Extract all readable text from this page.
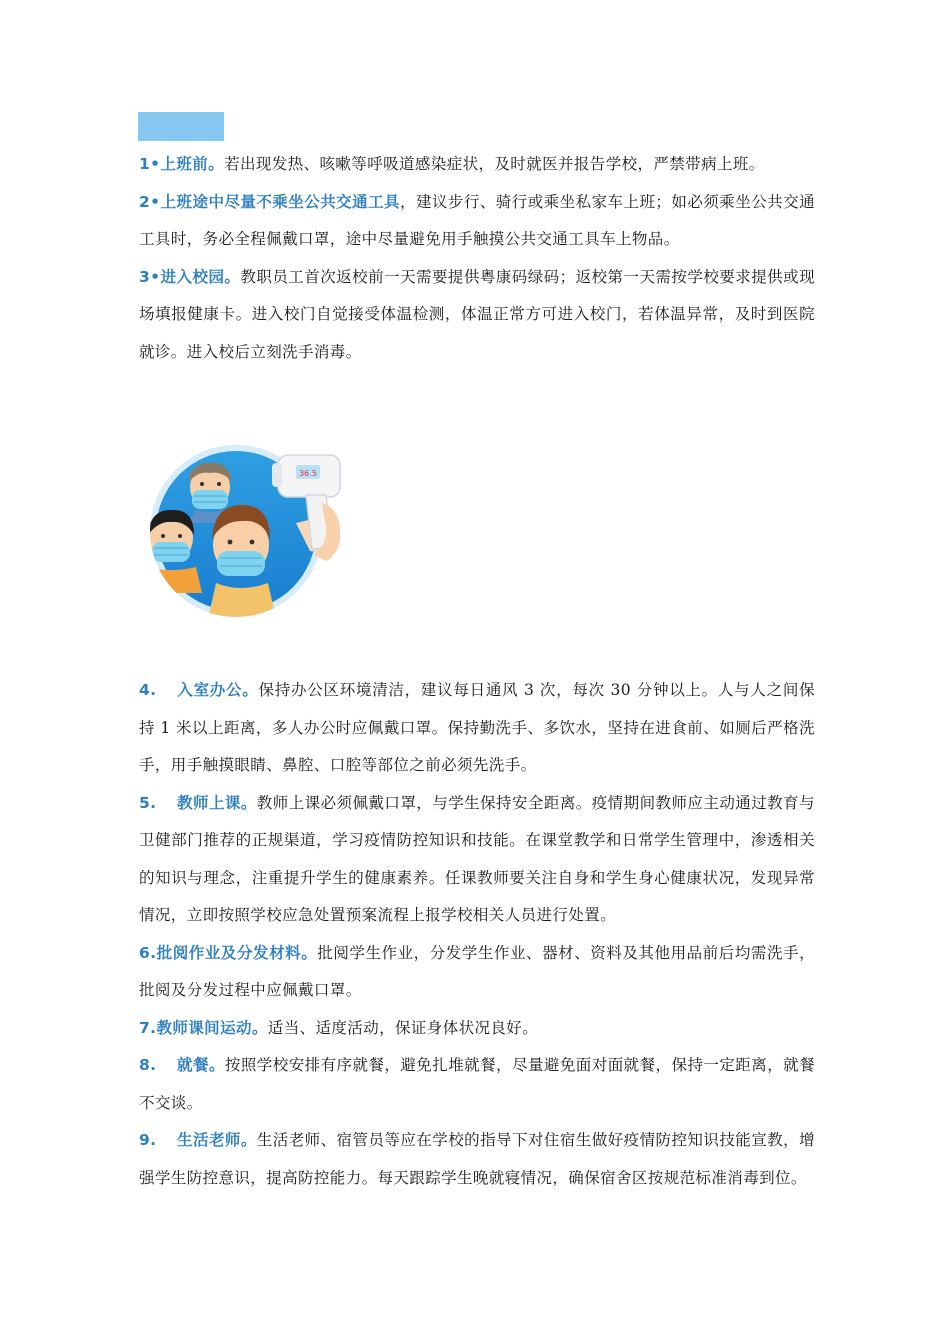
1•上班前。若出现发热、咳嗽等呼吸道感染症状，及时就医并报告学校，严禁带病上班。

2•上班途中尽量不乘坐公共交通工具，建议步行、骑行或乘坐私家车上班；如必须乘坐公共交通工具时，务必全程佩戴口罩，途中尽量避免用手触摸公共交通工具车上物品。

3•进入校园。教职员工首次返校前一天需要提供粤康码绿码；返校第一天需按学校要求提供或现场填报健康卡。进入校门自觉接受体温检测，体温正常方可进入校门，若体温异常，及时到医院就诊。进入校后立刻洗手消毒。

36.5

4. 入室办公。保持办公区环境清洁，建议每日通风 3 次，每次 30 分钟以上。人与人之间保持 1 米以上距离，多人办公时应佩戴口罩。保持勤洗手、多饮水，坚持在进食前、如厕后严格洗手，用手触摸眼睛、鼻腔、口腔等部位之前必须先洗手。

5. 教师上课。教师上课必须佩戴口罩，与学生保持安全距离。疫情期间教师应主动通过教育与卫健部门推荐的正规渠道，学习疫情防控知识和技能。在课堂教学和日常学生管理中，渗透相关的知识与理念，注重提升学生的健康素养。任课教师要关注自身和学生身心健康状况，发现异常情况，立即按照学校应急处置预案流程上报学校相关人员进行处置。

6.批阅作业及分发材料。批阅学生作业，分发学生作业、器材、资料及其他用品前后均需洗手，批阅及分发过程中应佩戴口罩。

7.教师课间运动。适当、适度活动，保证身体状况良好。

8. 就餐。按照学校安排有序就餐，避免扎堆就餐，尽量避免面对面就餐，保持一定距离，就餐不交谈。

9. 生活老师。生活老师、宿管员等应在学校的指导下对住宿生做好疫情防控知识技能宣教，增强学生防控意识，提高防控能力。每天跟踪学生晚就寝情况，确保宿舍区按规范标准消毒到位。
